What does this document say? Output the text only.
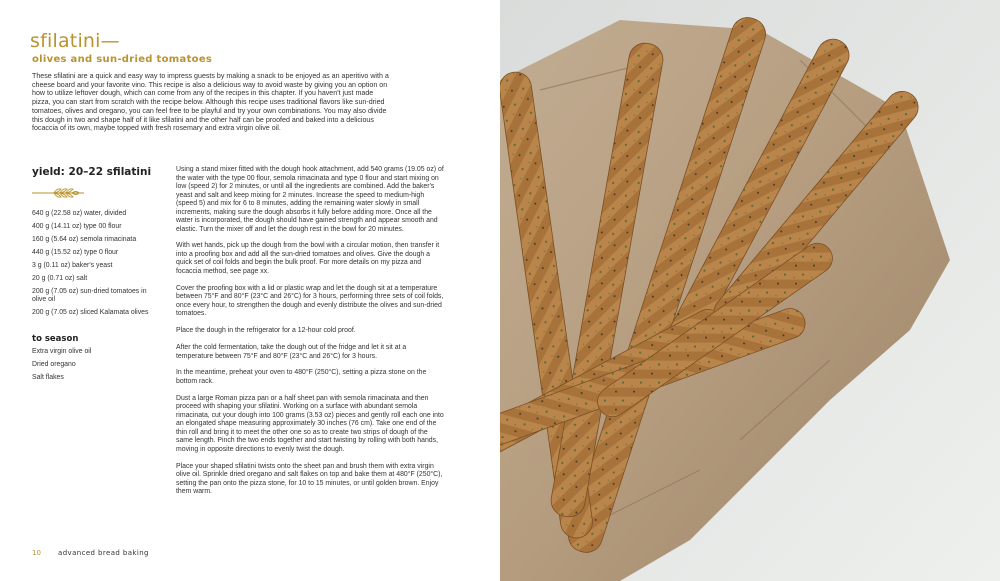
sfilatini—
olives and sun-dried tomatoes

These sfilatini are a quick and easy way to impress guests by making a snack to be enjoyed as an aperitivo with a cheese board and your favorite vino. This recipe is also a delicious way to avoid waste by giving you an option on how to utilize leftover dough, which can come from any of the recipes in this chapter. If you haven't just made pizza, you can start from scratch with the recipe below. Although this recipe uses traditional flavors like sun-dried tomatoes, olives and oregano, you can feel free to be playful and try your own combinations. You may also divide this dough in two and shape half of it like sfilatini and the other half can be proofed and baked into a delicious focaccia of its own, maybe topped with fresh rosemary and extra virgin olive oil.

yield: 20–22 sfilatini
640 g (22.58 oz) water, divided
400 g (14.11 oz) type 00 flour
160 g (5.64 oz) semola rimacinata
440 g (15.52 oz) type 0 flour
3 g (0.11 oz) baker's yeast
20 g (0.71 oz) salt
200 g (7.05 oz) sun-dried tomatoes in olive oil
200 g (7.05 oz) sliced Kalamata olives
to season
Extra virgin olive oil
Dried oregano
Salt flakes

Using a stand mixer fitted with the dough hook attachment, add 540 grams (19.05 oz) of the water with the type 00 flour, semola rimacinata and type 0 flour and start mixing on low (speed 2) for 2 minutes, or until all the ingredients are combined. Add the baker's yeast and salt and keep mixing for 2 minutes. Increase the speed to medium-high (speed 5) and mix for 6 to 8 minutes, adding the remaining water slowly in small increments, making sure the dough absorbs it fully before adding more. Once all the water is incorporated, the dough should have gained strength and appear smooth and elastic. Turn the mixer off and let the dough rest in the bowl for 20 minutes.

With wet hands, pick up the dough from the bowl with a circular motion, then transfer it into a proofing box and add all the sun-dried tomatoes and olives. Give the dough a quick set of coil folds and begin the bulk proof. For more details on my pizza and focaccia method, see page xx.

Cover the proofing box with a lid or plastic wrap and let the dough sit at a temperature between 75°F and 80°F (23°C and 26°C) for 3 hours, performing three sets of coil folds, once every hour, to strengthen the dough and evenly distribute the olives and sun-dried tomatoes.

Place the dough in the refrigerator for a 12-hour cold proof.

After the cold fermentation, take the dough out of the fridge and let it sit at a temperature between 75°F and 80°F (23°C and 26°C) for 3 hours.

In the meantime, preheat your oven to 480°F (250°C), setting a pizza stone on the bottom rack.

Dust a large Roman pizza pan or a half sheet pan with semola rimacinata and then proceed with shaping your sfilatini. Working on a surface with abundant semola rimacinata, cut your dough into 100 grams (3.53 oz) pieces and gently roll each one into an elongated shape measuring approximately 30 inches (76 cm). Take one end of the thin roll and bring it to meet the other one so as to create two strips of dough of the same length. Pinch the two ends together and start twisting by rolling with both hands, moving in opposite directions to evenly twist the dough.

Place your shaped sfilatini twists onto the sheet pan and brush them with extra virgin olive oil. Sprinkle dried oregano and salt flakes on top and bake them at 480°F (250°C), setting the pan onto the pizza stone, for 10 to 15 minutes, or until golden brown. Enjoy them warm.

10 advanced bread baking
